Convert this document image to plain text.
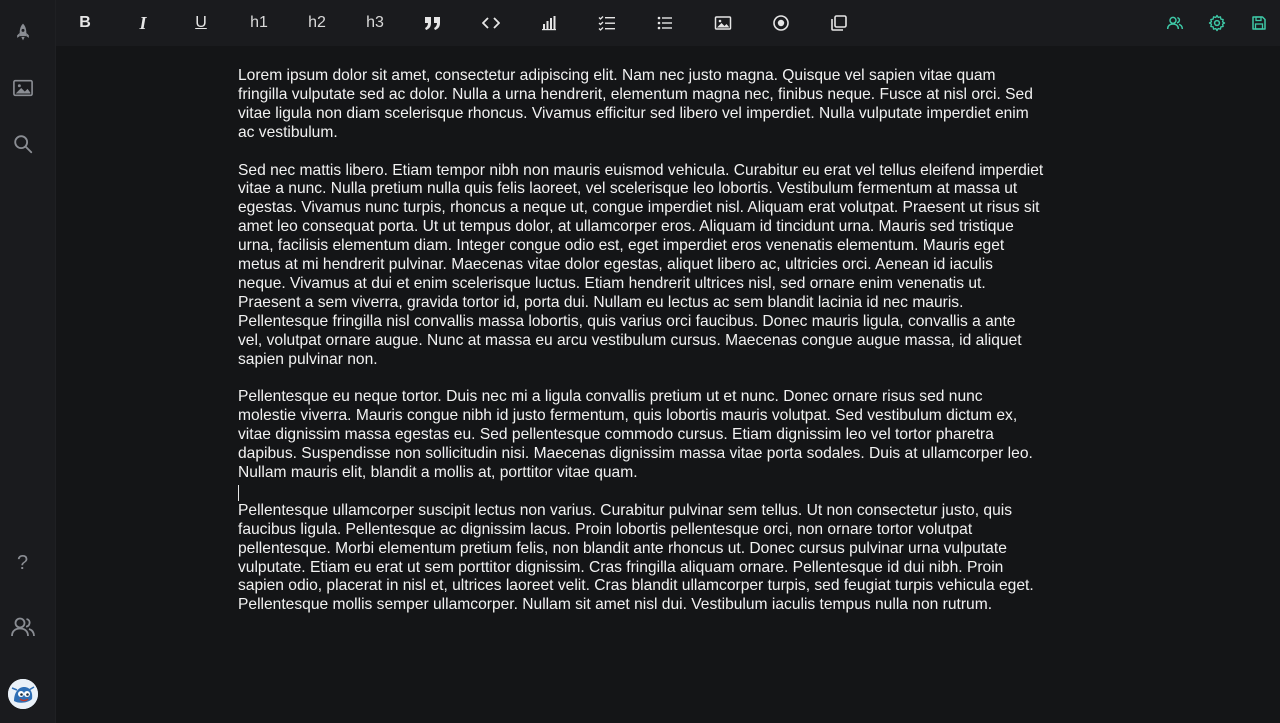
?
B	I	U	h1	h2	h3

Lorem ipsum dolor sit amet, consectetur adipiscing elit. Nam nec justo magna. Quisque vel sapien vitae quam fringilla vulputate sed ac dolor. Nulla a urna hendrerit, elementum magna nec, finibus neque. Fusce at nisl orci. Sed vitae ligula non diam scelerisque rhoncus. Vivamus efficitur sed libero vel imperdiet. Nulla vulputate imperdiet enim ac vestibulum.

Sed nec mattis libero. Etiam tempor nibh non mauris euismod vehicula. Curabitur eu erat vel tellus eleifend imperdiet vitae a nunc. Nulla pretium nulla quis felis laoreet, vel scelerisque leo lobortis. Vestibulum fermentum at massa ut egestas. Vivamus nunc turpis, rhoncus a neque ut, congue imperdiet nisl. Aliquam erat volutpat. Praesent ut risus sit amet leo consequat porta. Ut ut tempus dolor, at ullamcorper eros. Aliquam id tincidunt urna. Mauris sed tristique urna, facilisis elementum diam. Integer congue odio est, eget imperdiet eros venenatis elementum. Mauris eget metus at mi hendrerit pulvinar. Maecenas vitae dolor egestas, aliquet libero ac, ultricies orci. Aenean id iaculis neque. Vivamus at dui et enim scelerisque luctus. Etiam hendrerit ultrices nisl, sed ornare enim venenatis ut. Praesent a sem viverra, gravida tortor id, porta dui. Nullam eu lectus ac sem blandit lacinia id nec mauris. Pellentesque fringilla nisl convallis massa lobortis, quis varius orci faucibus. Donec mauris ligula, convallis a ante vel, volutpat ornare augue. Nunc at massa eu arcu vestibulum cursus. Maecenas congue augue massa, id aliquet sapien pulvinar non.

Pellentesque eu neque tortor. Duis nec mi a ligula convallis pretium ut et nunc. Donec ornare risus sed nunc molestie viverra. Mauris congue nibh id justo fermentum, quis lobortis mauris volutpat. Sed vestibulum dictum ex, vitae dignissim massa egestas eu. Sed pellentesque commodo cursus. Etiam dignissim leo vel tortor pharetra dapibus. Suspendisse non sollicitudin nisi. Maecenas dignissim massa vitae porta sodales. Duis at ullamcorper leo. Nullam mauris elit, blandit a mollis at, porttitor vitae quam.

Pellentesque ullamcorper suscipit lectus non varius. Curabitur pulvinar sem tellus. Ut non consectetur justo, quis faucibus ligula. Pellentesque ac dignissim lacus. Proin lobortis pellentesque orci, non ornare tortor volutpat pellentesque. Morbi elementum pretium felis, non blandit ante rhoncus ut. Donec cursus pulvinar urna vulputate vulputate. Etiam eu erat ut sem porttitor dignissim. Cras fringilla aliquam ornare. Pellentesque id dui nibh. Proin sapien odio, placerat in nisl et, ultrices laoreet velit. Cras blandit ullamcorper turpis, sed feugiat turpis vehicula eget. Pellentesque mollis semper ullamcorper. Nullam sit amet nisl dui. Vestibulum iaculis tempus nulla non rutrum.
